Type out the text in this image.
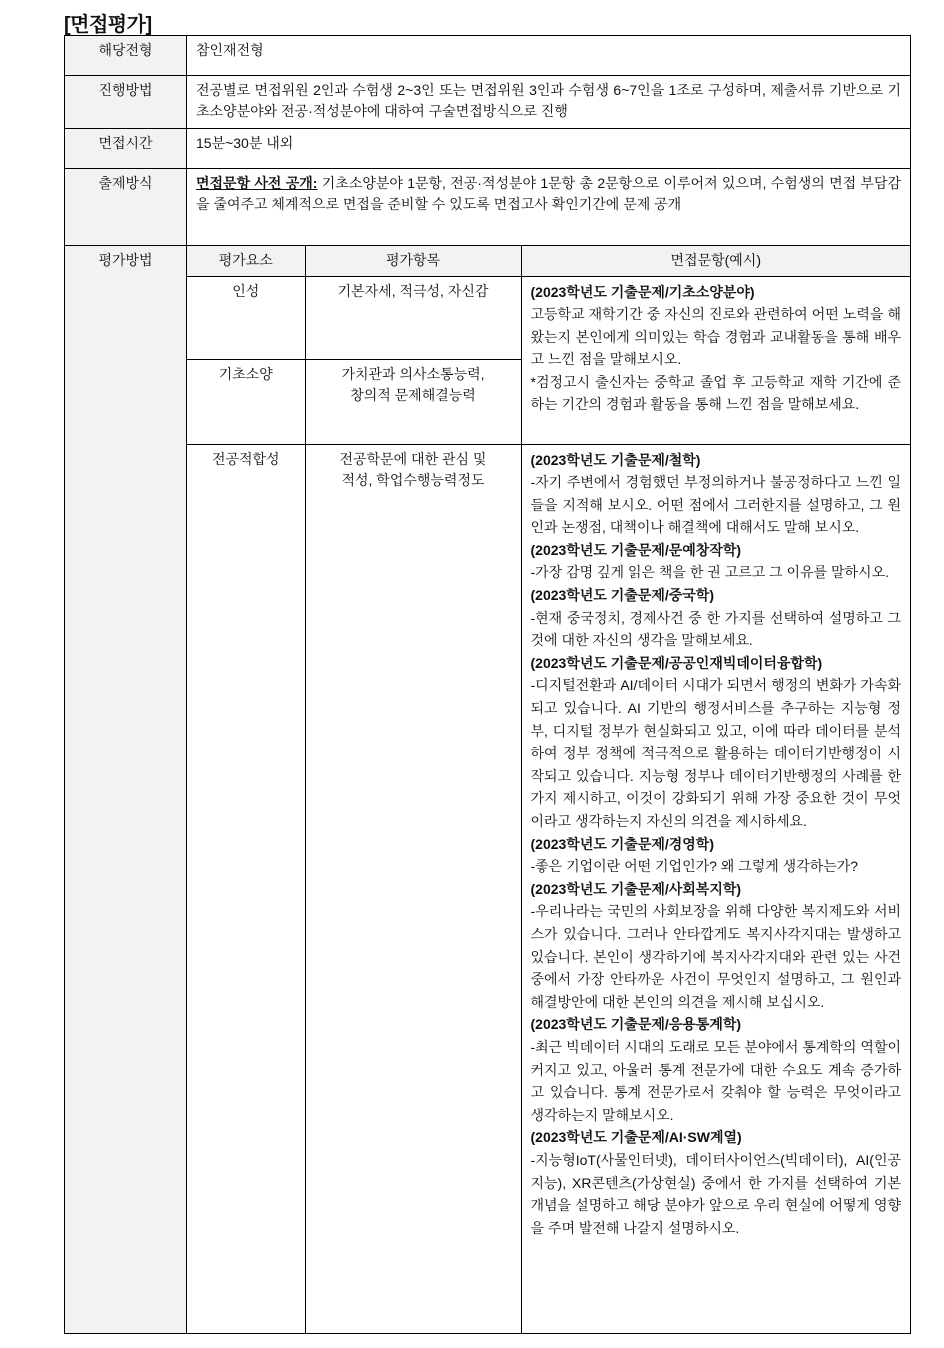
[면접평가]
해당전형	참인재전형
진행방법	전공별로 면접위원 2인과 수험생 2~3인 또는 면접위원 3인과 수험생 6~7인을 1조로 구성하며, 제출서류 기반으로 기초소양분야와 전공·적성분야에 대하여 구술면접방식으로 진행
면접시간	15분~30분 내외
출제방식	면접문항 사전 공개: 기초소양분야 1문항, 전공·적성분야 1문항 총 2문항으로 이루어져 있으며, 수험생의 면접 부담감을 줄여주고 체계적으로 면접을 준비할 수 있도록 면접고사 확인기간에 문제 공개
평가방법		평가요소	평가항목	면접문항(예시)
인성	기본자세, 적극성, 자신감	(2023학년도 기출문제/기초소양분야)
고등학교 재학기간 중 자신의 진로와 관련하여 어떤 노력을 해왔는지 본인에게 의미있는 학습 경험과 교내활동을 통해 배우고 느낀 점을 말해보시오.
*검정고시 출신자는 중학교 졸업 후 고등학교 재학 기간에 준하는 기간의 경험과 활동을 통해 느낀 점을 말해보세요.

기초소양	가치관과 의사소통능력,
창의적 문제해결능력
전공적합성	전공학문에 대한 관심 및
적성, 학업수행능력정도	
(2023학년도 기출문제/철학)
-자기 주변에서 경험했던 부정의하거나 불공정하다고 느낀 일들을 지적해 보시오. 어떤 점에서 그러한지를 설명하고, 그 원인과 논쟁점, 대책이나 해결책에 대해서도 말해 보시오.
(2023학년도 기출문제/문예창작학)
-가장 감명 깊게 읽은 책을 한 권 고르고 그 이유를 말하시오.
(2023학년도 기출문제/중국학)
-현재 중국정치, 경제사건 중 한 가지를 선택하여 설명하고 그것에 대한 자신의 생각을 말해보세요.
(2023학년도 기출문제/공공인재빅데이터융합학)
-디지털전환과 AI/데이터 시대가 되면서 행정의 변화가 가속화되고 있습니다. AI 기반의 행정서비스를 추구하는 지능형 정부, 디지털 정부가 현실화되고 있고, 이에 따라 데이터를 분석하여 정부 정책에 적극적으로 활용하는 데이터기반행정이 시작되고 있습니다. 지능형 정부나 데이터기반행정의 사례를 한 가지 제시하고, 이것이 강화되기 위해 가장 중요한 것이 무엇이라고 생각하는지 자신의 의견을 제시하세요.
(2023학년도 기출문제/경영학)
-좋은 기업이란 어떤 기업인가? 왜 그렇게 생각하는가?
(2023학년도 기출문제/사회복지학)
-우리나라는 국민의 사회보장을 위해 다양한 복지제도와 서비스가 있습니다. 그러나 안타깝게도 복지사각지대는 발생하고 있습니다. 본인이 생각하기에 복지사각지대와 관련 있는 사건 중에서 가장 안타까운 사건이 무엇인지 설명하고, 그 원인과 해결방안에 대한 본인의 의견을 제시해 보십시오.
(2023학년도 기출문제/응용통계학)
-최근 빅데이터 시대의 도래로 모든 분야에서 통계학의 역할이 커지고 있고, 아울러 통계 전문가에 대한 수요도 계속 증가하고 있습니다. 통계 전문가로서 갖춰야 할 능력은 무엇이라고 생각하는지 말해보시오.
(2023학년도 기출문제/AI·SW계열)
-지능형IoT(사물인터넷), 데이터사이언스(빅데이터), AI(인공지능), XR콘텐츠(가상현실) 중에서 한 가지를 선택하여 기본 개념을 설명하고 해당 분야가 앞으로 우리 현실에 어떻게 영향을 주며 발전해 나갈지 설명하시오.
